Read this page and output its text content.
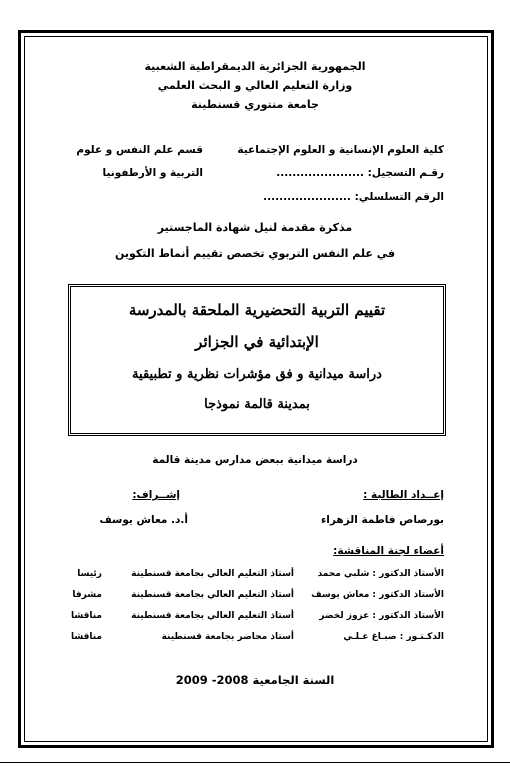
الجمهورية الجزائرية الديمقراطية الشعبية
وزارة التعليم العالي و البحث العلمي
جامعة منتوري قسنطينة
كلية العلوم الإنسانية و العلوم الإجتماعية
قسم علم النفس و علوم
رقـم التسجيل: ......................
التربية و الأرطفونيا
الرقم التسلسلي: ......................
مذكرة مقدمة لنيل شهادة الماجستير
في علم النفس التربوي تخصص تقييم أنماط التكوين
تقييم التربية التحضيرية الملحقة بالمدرسة
الإبتدائية في الجزائر
دراسة ميدانية و فق مؤشرات نظرية و تطبيقية
بمدينة قالمة نموذجا
دراسة ميدانية ببعض مدارس مدينة قالمة
إعــداد الطالبة :
إشــراف:
بورصاص فاطمة الزهراء
أ.د. معاش يوسف
أعضاء لجنة المناقشة:
الأستاذ الدكتور : شلبي محمد
أستاذ التعليم العالي بجامعة قسنطينة
رئيسا
الأستاذ الدكتور : معاش يوسف
أستاذ التعليم العالي بجامعة قسنطينة
مشرفا
الأستاذ الدكتور : عزوز لخضر
أستاذ التعليم العالي بجامعة قسنطينة
مناقشا
الدكـتـور : صبـاغ عـلـي
أستاذ محاضر بجامعة قسنطينة
مناقشا
السنة الجامعية 2008- 2009
